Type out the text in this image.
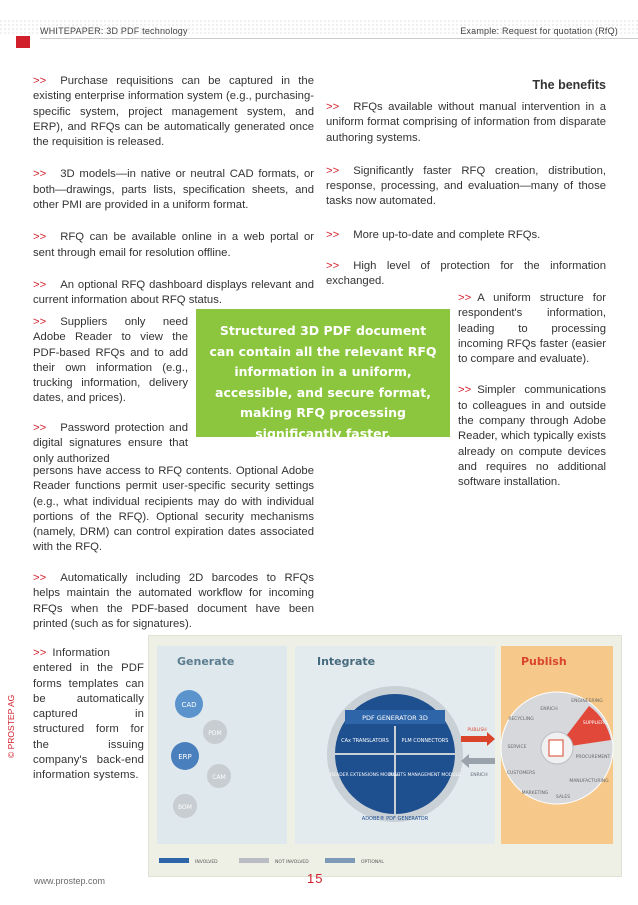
WHITEPAPER: 3D PDF technology	Example: Request for quotation (RfQ)

>> Purchase requisitions can be captured in the existing enterprise information system (e.g., purchasing-specific system, project management system, and ERP), and RFQs can be automatically generated once the requisition is released.

>> 3D models—in native or neutral CAD formats, or both—drawings, parts lists, specification sheets, and other PMI are provided in a uniform format.

>> RFQ can be available online in a web portal or sent through email for resolution offline.

>> An optional RFQ dashboard displays relevant and current information about RFQ status.

>> Suppliers only need Adobe Reader to view the PDF-based RFQs and to add their own information (e.g., trucking information, delivery dates, and prices).

>> Password protection and digital signatures ensure that only authorized

persons have access to RFQ contents. Optional Adobe Reader functions permit user-specific security settings (e.g., what individual recipients may do with individual portions of the RFQ). Optional security mechanisms (namely, DRM) can control expiration dates associated with the RFQ.

>> Automatically including 2D barcodes to RFQs helps maintain the automated workflow for incoming RFQs when the PDF-based document have been printed (such as for signatures).

>> Information entered in the PDF forms templates can be automatically captured in structured form for the issuing company's back-end information systems.

Structured 3D PDF document can contain all the relevant RFQ information in a uniform, accessible, and secure format, making RFQ processing significantly faster.

The benefits

>> RFQs available without manual intervention in a uniform format comprising of information from disparate authoring systems.

>> Significantly faster RFQ creation, distribution, response, processing, and evaluation—many of those tasks now automated.

>> More up-to-date and complete RFQs.

>> High level of protection for the information exchanged.

>> A uniform structure for respondent's information, leading to processing incoming RFQs faster (easier to compare and evaluate).

>> Simpler communications to colleagues in and outside the company through Adobe Reader, which typically exists already on compute devices and requires no additional software installation.

Generate
CAD
PDM
ERP
CAM
BOM
Integrate
PDF GENERATOR 3D
CAx TRANSLATORS	PLM CONNECTORS
READER EXTENSIONS MODULE
RIGHTS MANAGEMENT MODULE
ADOBE® PDF GENERATOR
PUBLISH
ENRICH
Publish
ENRICH
ENGINEERING
RECYCLING
SUPPLIERS
SERVICE
PROCUREMENT
CUSTOMERS
MANUFACTURING
MARKETING
SALES
INVOLVED	NOT INVOLVED	OPTIONAL
© PROSTEP AG
www.prostep.com	15
